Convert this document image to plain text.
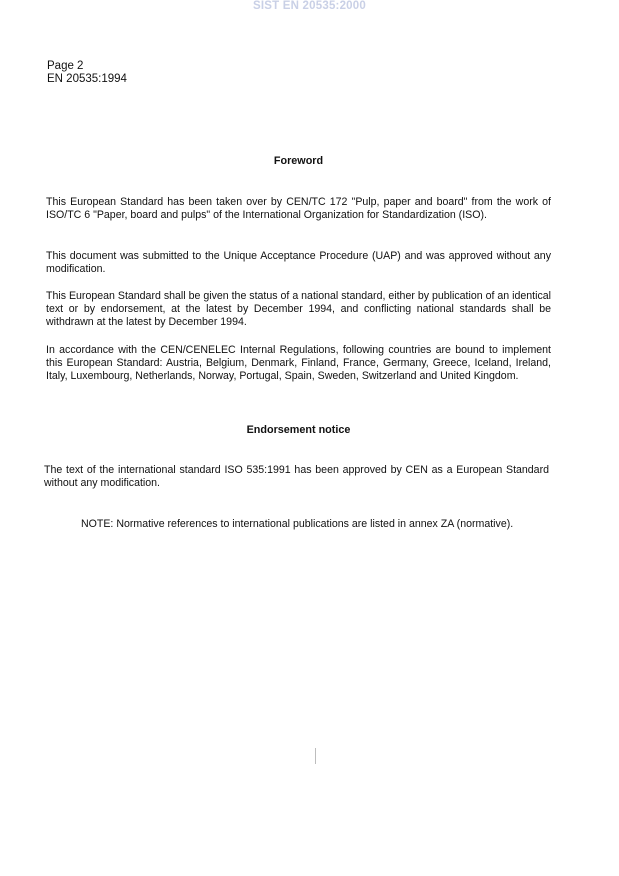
SIST EN 20535:2000
Page 2
EN 20535:1994
Foreword

This European Standard has been taken over by CEN/TC 172 "Pulp, paper and board" from the work of ISO/TC 6 "Paper, board and pulps" of the International Organization for Standardization (ISO).

This document was submitted to the Unique Acceptance Procedure (UAP) and was approved without any modification.

This European Standard shall be given the status of a national standard, either by publication of an identical text or by endorsement, at the latest by December 1994, and conflicting national standards shall be withdrawn at the latest by December 1994.

In accordance with the CEN/CENELEC Internal Regulations, following countries are bound to implement this European Standard: Austria, Belgium, Denmark, Finland, France, Germany, Greece, Iceland, Ireland, Italy, Luxembourg, Netherlands, Norway, Portugal, Spain, Sweden, Switzerland and United Kingdom.

Endorsement notice

The text of the international standard ISO 535:1991 has been approved by CEN as a European Standard without any modification.

NOTE: Normative references to international publications are listed in annex ZA (normative).
